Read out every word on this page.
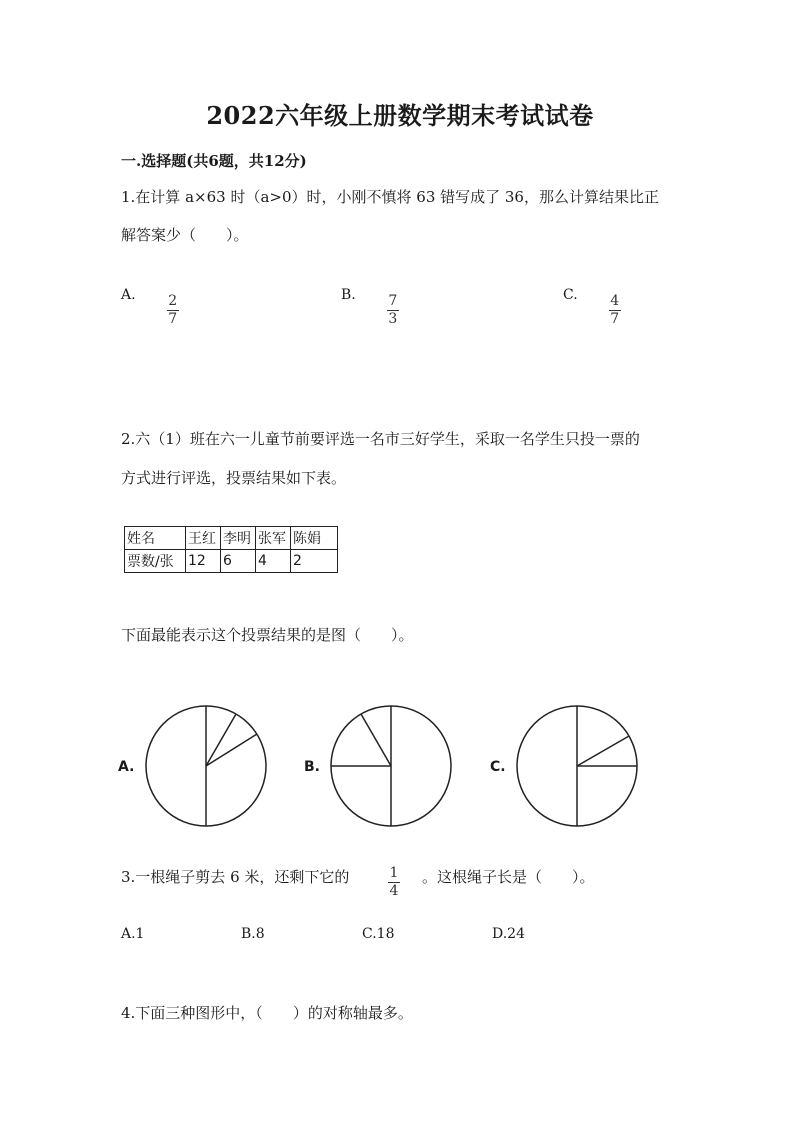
2022六年级上册数学期末考试试卷
一.选择题(共6题，共12分)
1.在计算 a×63 时（a>0）时，小刚不慎将 63 错写成了 36，那么计算结果比正
解答案少（　　）。
A. $\frac{2}{7}$	B. $\frac{7}{3}$	C. $\frac{4}{7}$
2.六（1）班在六一儿童节前要评选一名市三好学生，采取一名学生只投一票的
方式进行评选，投票结果如下表。
姓名	王红	李明	张军	陈娟
票数/张	12	6	4	2
下面最能表示这个投票结果的是图（　　）。
A.	B.	C.
3.一根绳子剪去 6 米，还剩下它的	$\frac{1}{4}$ 。这根绳子长是（　　）。
A.1	B.8	C.18	D.24
4.下面三种图形中，（　　）的对称轴最多。
